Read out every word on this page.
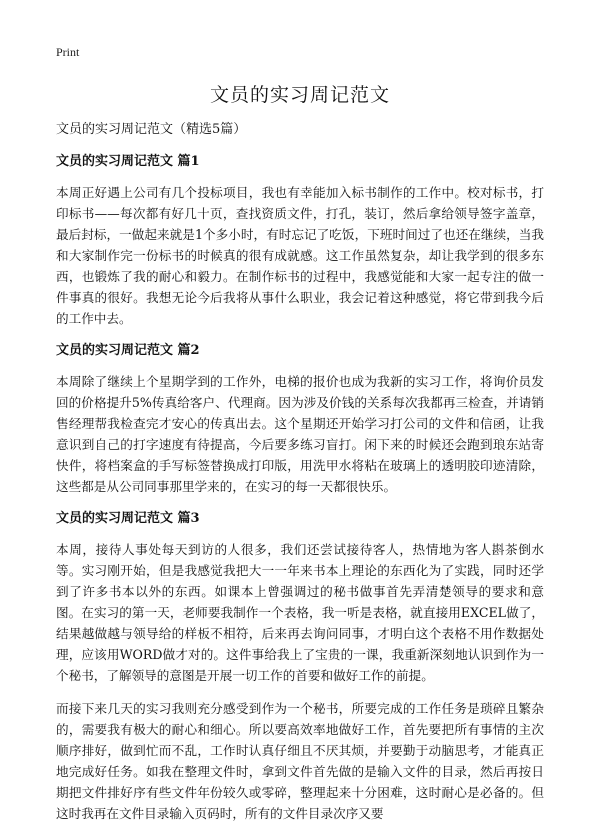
Print
文员的实习周记范文
文员的实习周记范文（精选5篇）
文员的实习周记范文 篇1

本周正好遇上公司有几个投标项目，我也有幸能加入标书制作的工作中。校对标书，打印标书——每次都有好几十页，查找资质文件，打孔，装订，然后拿给领导签字盖章，最后封标，一做起来就是1个多小时，有时忘记了吃饭，下班时间过了也还在继续，当我和大家制作完一份标书的时候真的很有成就感。这工作虽然复杂，却让我学到的很多东西，也锻炼了我的耐心和毅力。在制作标书的过程中，我感觉能和大家一起专注的做一件事真的很好。我想无论今后我将从事什么职业，我会记着这种感觉，将它带到我今后的工作中去。

文员的实习周记范文 篇2

本周除了继续上个星期学到的工作外，电梯的报价也成为我新的实习工作，将询价员发回的价格提升5%传真给客户、代理商。因为涉及价钱的关系每次我都再三检查，并请销售经理帮我检查完才安心的传真出去。这个星期还开始学习打公司的文件和信函，让我意识到自己的打字速度有待提高，今后要多练习盲打。闲下来的时候还会跑到琅东站寄快件，将档案盒的手写标签替换成打印版，用洗甲水将粘在玻璃上的透明胶印迹清除，这些都是从公司同事那里学来的，在实习的每一天都很快乐。

文员的实习周记范文 篇3

本周，接待人事处每天到访的人很多，我们还尝试接待客人，热情地为客人斟茶倒水等。实习刚开始，但是我感觉我把大一一年来书本上理论的东西化为了实践，同时还学到了许多书本以外的东西。如课本上曾强调过的秘书做事首先弄清楚领导的要求和意图。在实习的第一天，老师要我制作一个表格，我一听是表格，就直接用EXCEL做了，结果越做越与领导给的样板不相符，后来再去询问同事，才明白这个表格不用作数据处理，应该用WORD做才对的。这件事给我上了宝贵的一课，我重新深刻地认识到作为一个秘书，了解领导的意图是开展一切工作的首要和做好工作的前提。

而接下来几天的实习我则充分感受到作为一个秘书，所要完成的工作任务是琐碎且繁杂的，需要我有极大的耐心和细心。所以要高效率地做好工作，首先要把所有事情的主次顺序排好，做到忙而不乱，工作时认真仔细且不厌其烦，并要勤于动脑思考，才能真正地完成好任务。如我在整理文件时，拿到文件首先做的是输入文件的目录，然后再按日期把文件排好序有些文件年份较久或零碎，整理起来十分困难，这时耐心是必备的。但这时我再在文件目录输入页码时，所有的文件目录次序又要
